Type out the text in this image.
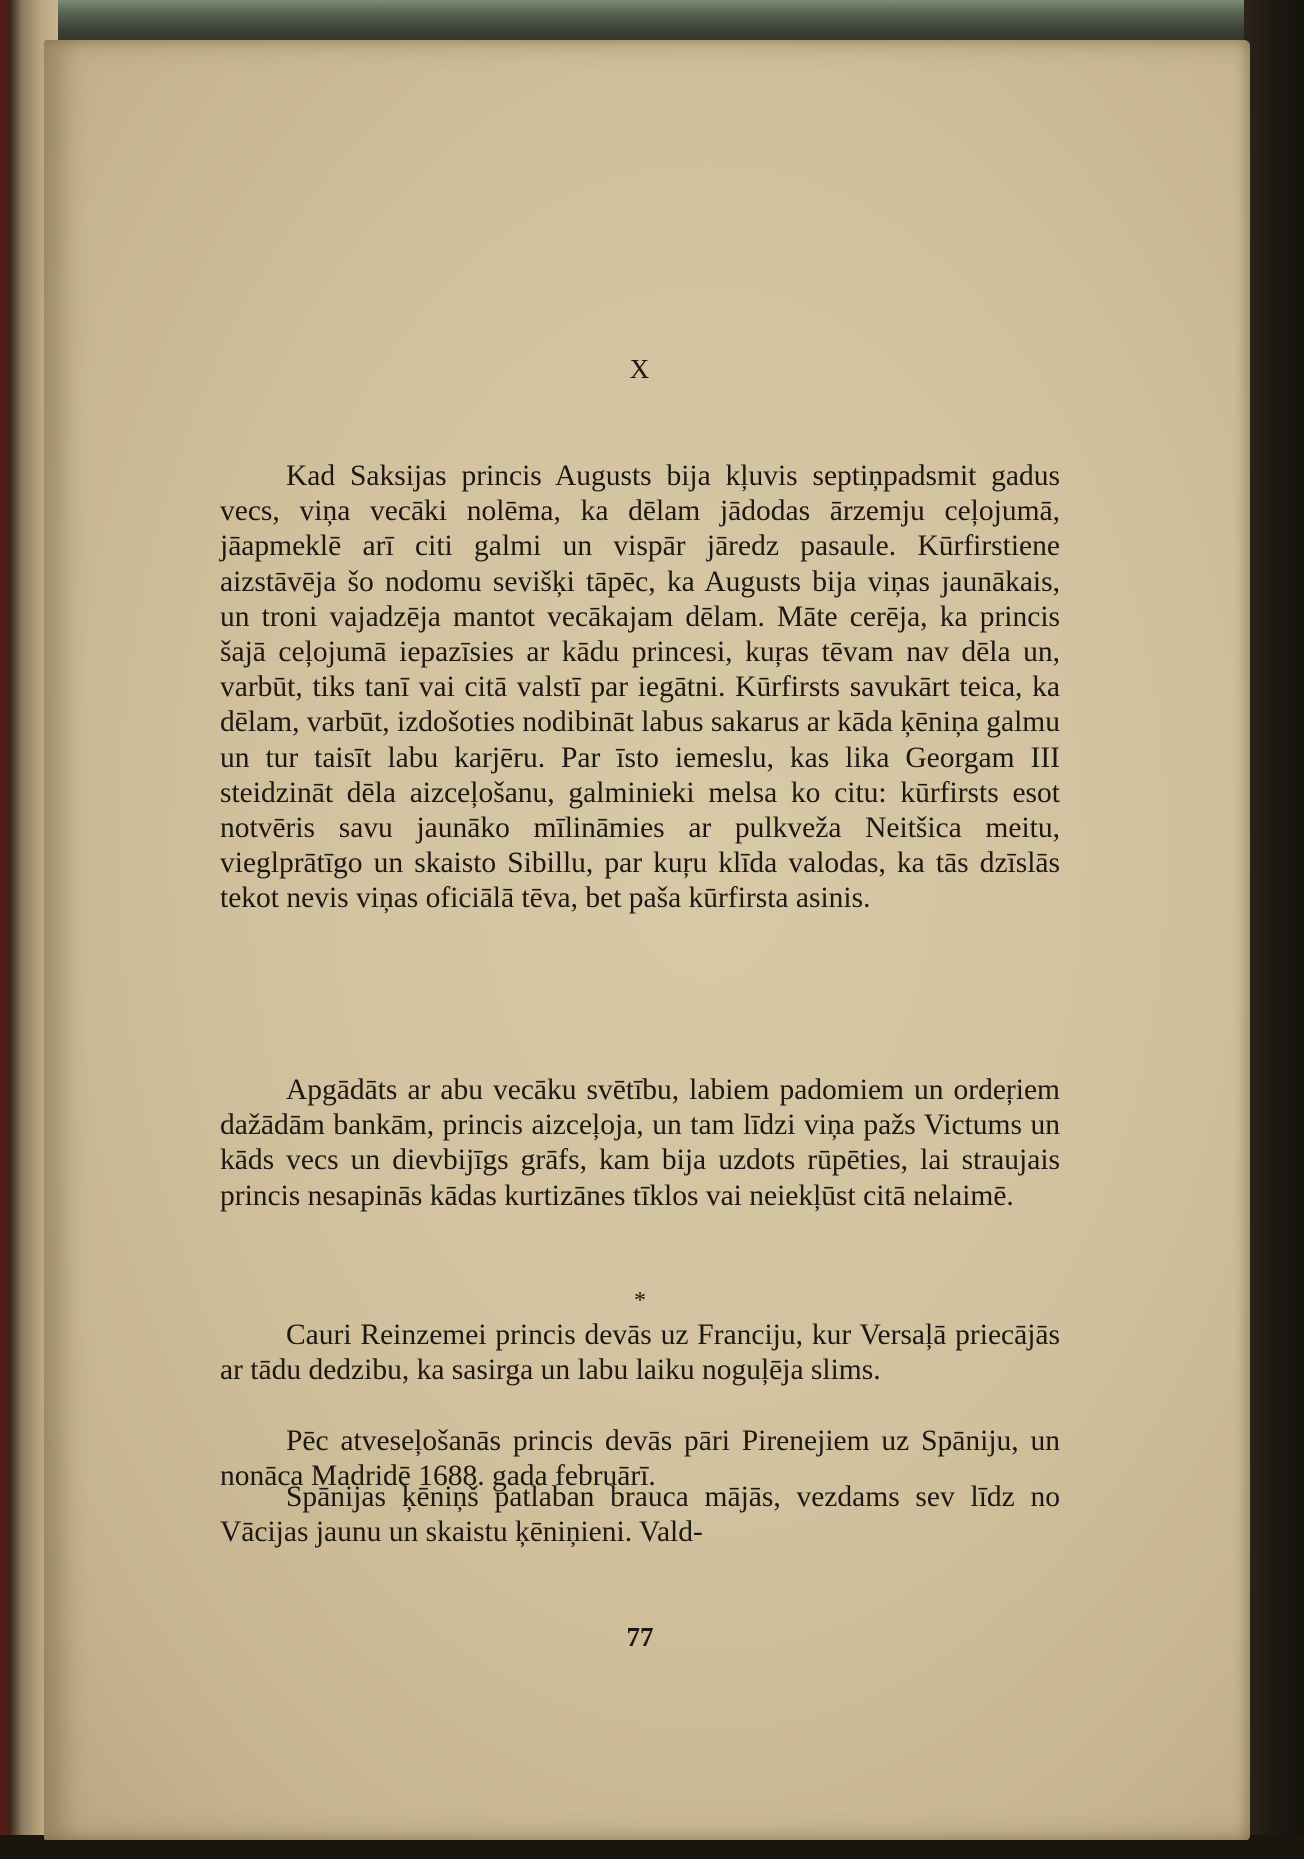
X

Kad Saksijas princis Augusts bija kļuvis septiņpadsmit gadus vecs, viņa vecāki nolēma, ka dēlam jādodas ārzemju ceļojumā, jāapmeklē arī citi galmi un vispār jāredz pasaule. Kūrfirstiene aizstāvēja šo nodomu sevišķi tāpēc, ka Augusts bija viņas jaunākais, un troni vajadzēja mantot vecākajam dēlam. Māte cerēja, ka princis šajā ceļojumā iepazīsies ar kādu princesi, kuŗas tēvam nav dēla un, varbūt, tiks tanī vai citā valstī par iegātni. Kūrfirsts savukārt teica, ka dēlam, varbūt, izdošoties nodibināt labus sakarus ar kāda ķēniņa galmu un tur taisīt labu karjēru. Par īsto iemeslu, kas lika Georgam III steidzināt dēla aizceļošanu, galminieki melsa ko citu: kūrfirsts esot notvēris savu jaunāko mīlināmies ar pulkveža Neitšica meitu, vieglprātīgo un skaisto Sibillu, par kuŗu klīda valodas, ka tās dzīslās tekot nevis viņas oficiālā tēva, bet paša kūrfirsta asinis.

Apgādāts ar abu vecāku svētību, labiem padomiem un ordeŗiem dažādām bankām, princis aizceļoja, un tam līdzi viņa pažs Victums un kāds vecs un dievbijīgs grāfs, kam bija uzdots rūpēties, lai straujais princis nesapinās kādas kurtizānes tīklos vai neiekļūst citā nelaimē.

*

Cauri Reinzemei princis devās uz Franciju, kur Versaļā priecājās ar tādu dedzibu, ka sasirga un labu laiku noguļēja slims.

Pēc atveseļošanās princis devās pāri Pirenejiem uz Spāniju, un nonāca Madridē 1688. gada februārī.

Spānijas ķēniņš patlaban brauca mājās, vezdams sev līdz no Vācijas jaunu un skaistu ķēniņieni. Vald-

77
